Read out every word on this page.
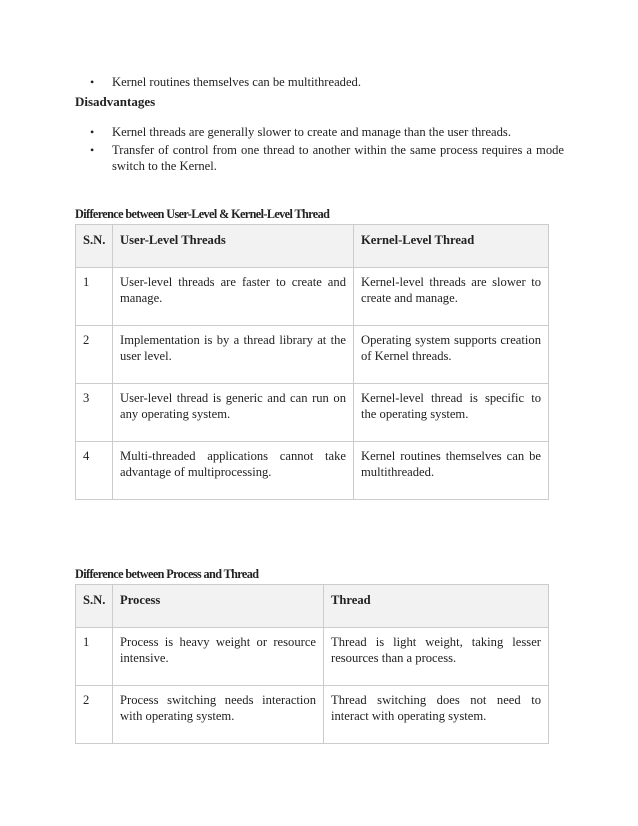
• Kernel routines themselves can be multithreaded.
Disadvantages
• Kernel threads are generally slower to create and manage than the user threads.
• Transfer of control from one thread to another within the same process requires a mode switch to the Kernel.
Difference between User-Level & Kernel-Level Thread
S.N.	User-Level Threads	Kernel-Level Thread
1	User-level threads are faster to create and manage.	Kernel-level threads are slower to create and manage.
2	Implementation is by a thread library at the user level.	Operating system supports creation of Kernel threads.
3	User-level thread is generic and can run on any operating system.	Kernel-level thread is specific to the operating system.
4	Multi-threaded applications cannot take advantage of multiprocessing.	Kernel routines themselves can be multithreaded.
Difference between Process and Thread
S.N.	Process	Thread
1	Process is heavy weight or resource intensive.	Thread is light weight, taking lesser resources than a process.
2	Process switching needs interaction with operating system.	Thread switching does not need to interact with operating system.
